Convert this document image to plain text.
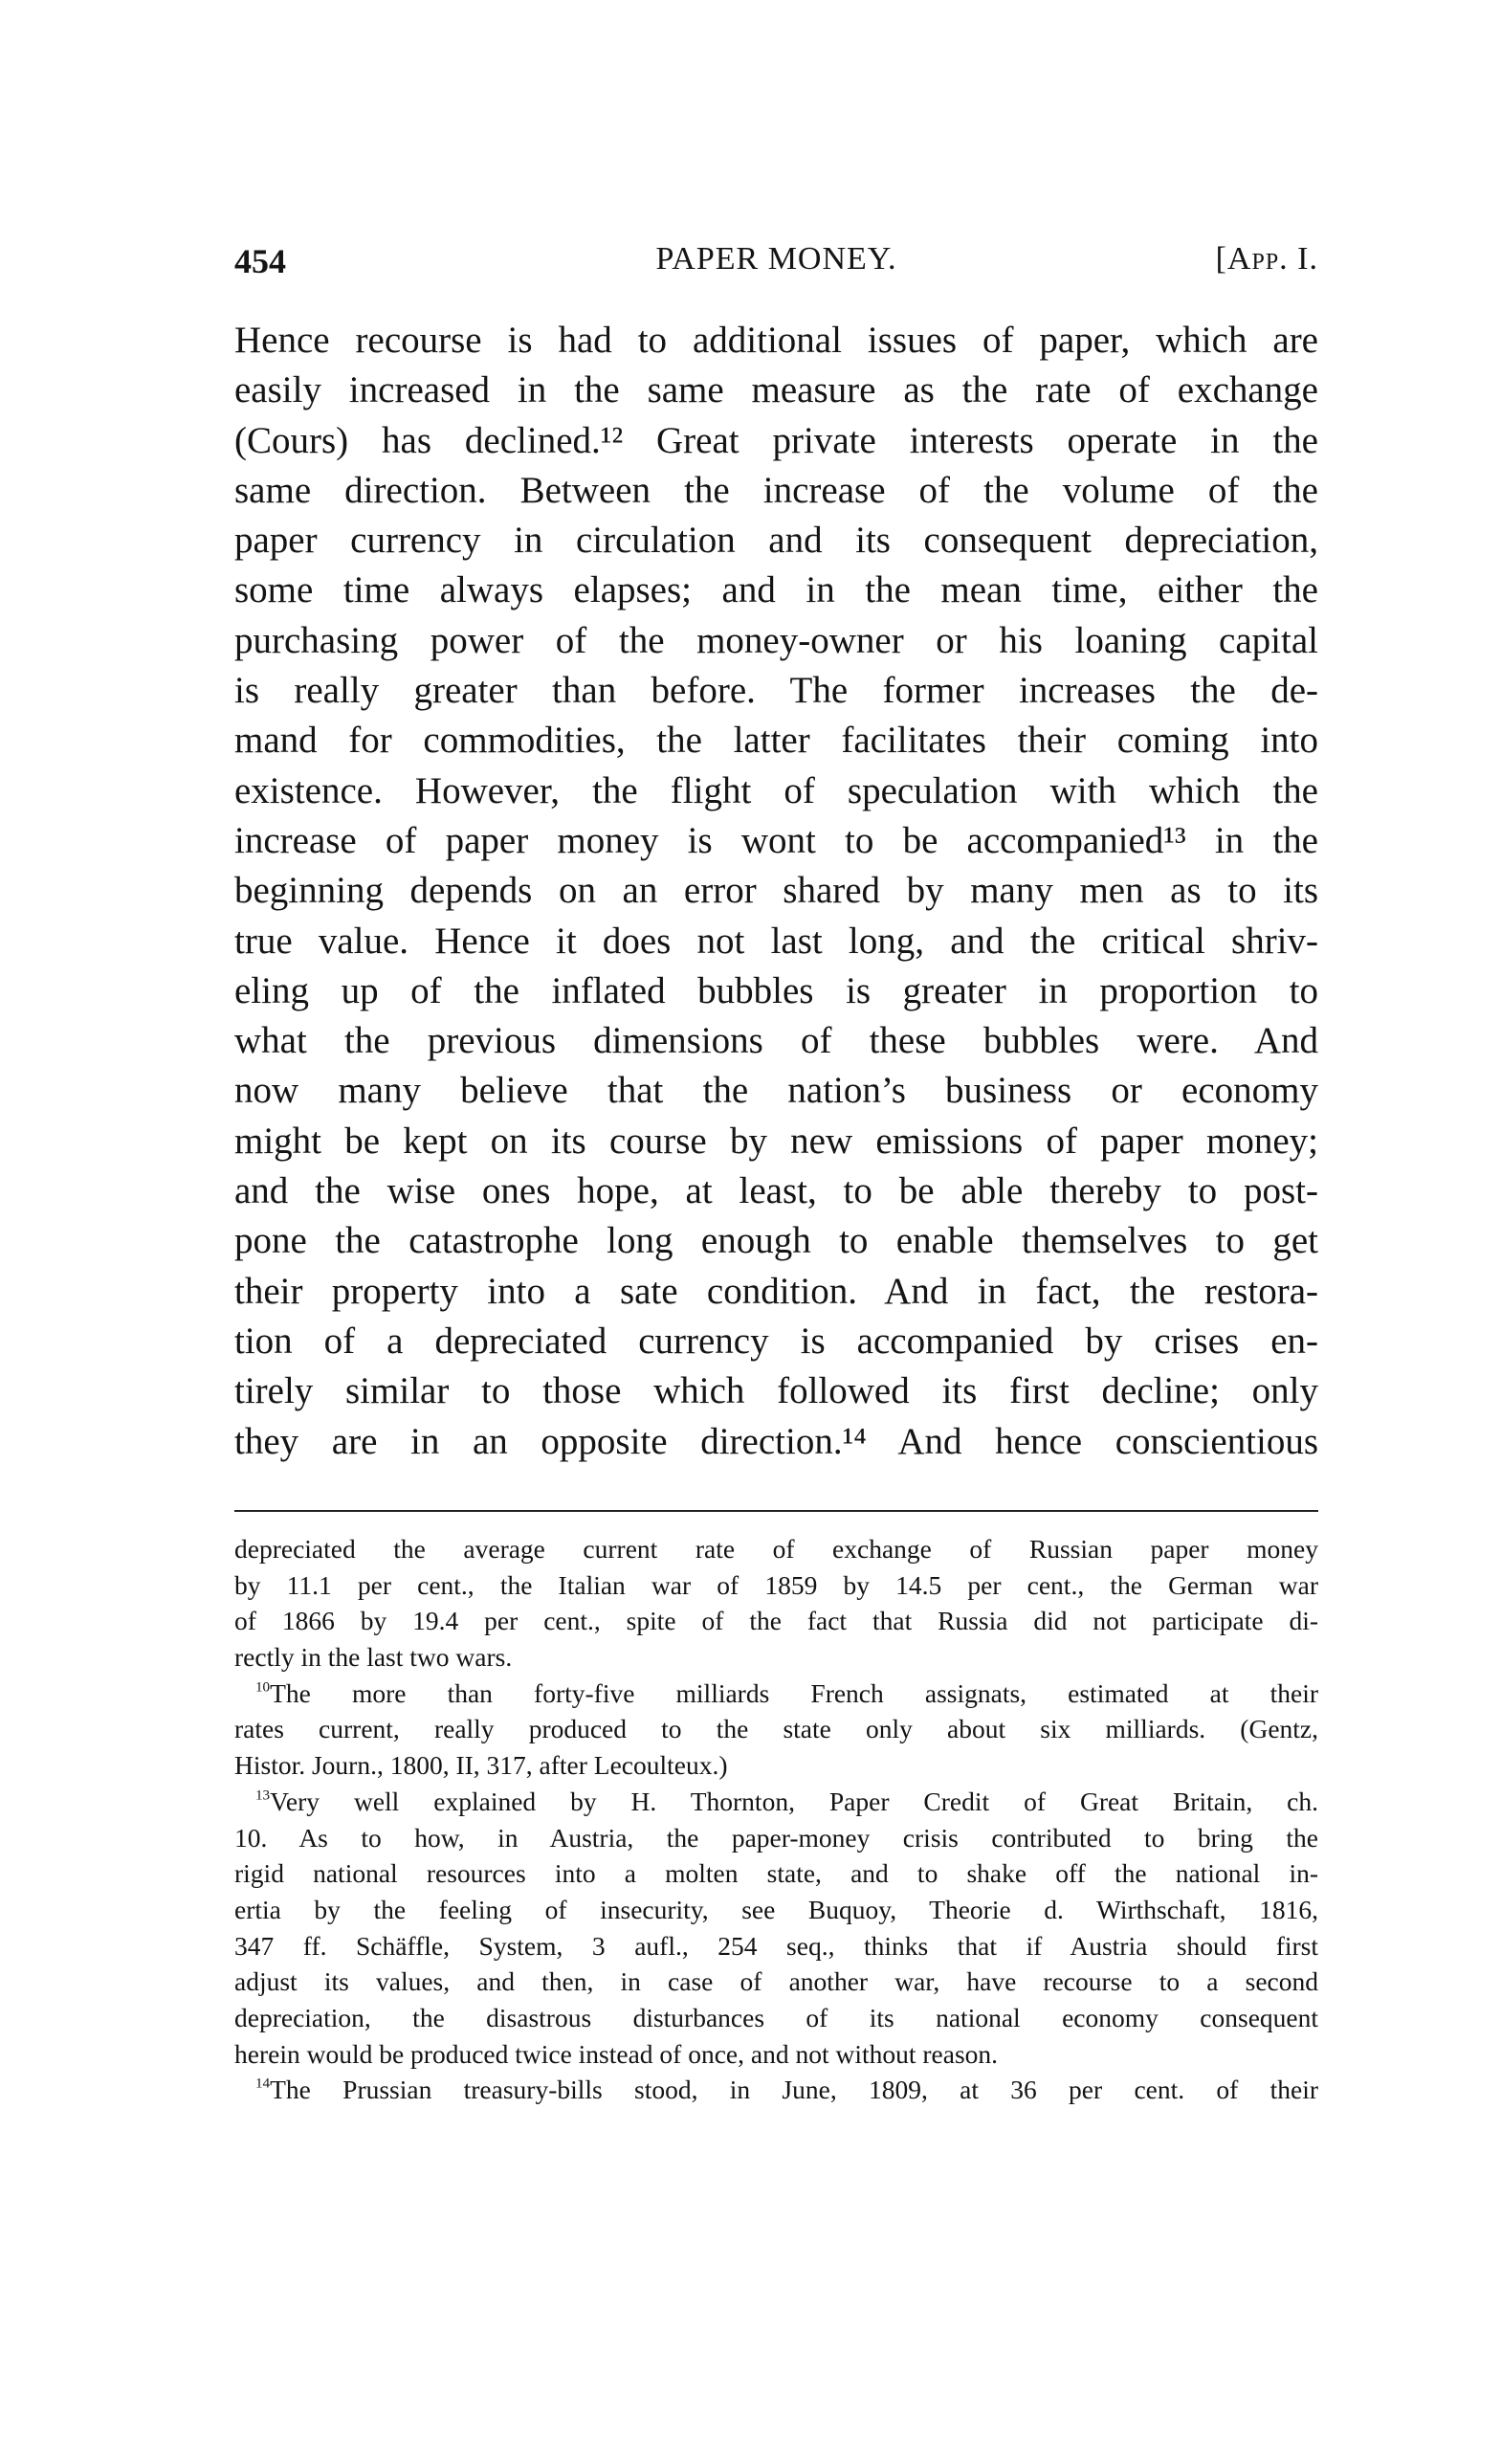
454	PAPER MONEY.	[App. I.
Hence recourse is had to additional issues of paper, which are
easily increased in the same measure as the rate of exchange
(Cours) has declined.¹² Great private interests operate in the
same direction. Between the increase of the volume of the
paper currency in circulation and its consequent depreciation,
some time always elapses; and in the mean time, either the
purchasing power of the money-owner or his loaning capital
is really greater than before. The former increases the de-
mand for commodities, the latter facilitates their coming into
existence. However, the flight of speculation with which the
increase of paper money is wont to be accompanied¹³ in the
beginning depends on an error shared by many men as to its
true value. Hence it does not last long, and the critical shriv-
eling up of the inflated bubbles is greater in proportion to
what the previous dimensions of these bubbles were. And
now many believe that the nation’s business or economy
might be kept on its course by new emissions of paper money;
and the wise ones hope, at least, to be able thereby to post-
pone the catastrophe long enough to enable themselves to get
their property into a sate condition. And in fact, the restora-
tion of a depreciated currency is accompanied by crises en-
tirely similar to those which followed its first decline; only
they are in an opposite direction.¹⁴ And hence conscientious
depreciated the average current rate of exchange of Russian paper money
by 11.1 per cent., the Italian war of 1859 by 14.5 per cent., the German war
of 1866 by 19.4 per cent., spite of the fact that Russia did not participate di-
rectly in the last two wars.
$^{10}$The more than forty-five milliards French assignats, estimated at their
rates current, really produced to the state only about six milliards. (Gentz,
Histor. Journ., 1800, II, 317, after Lecoulteux.)
$^{13}$Very well explained by H. Thornton, Paper Credit of Great Britain, ch.
10. As to how, in Austria, the paper-money crisis contributed to bring the
rigid national resources into a molten state, and to shake off the national in-
ertia by the feeling of insecurity, see Buquoy, Theorie d. Wirthschaft, 1816,
347 ff. Schäffle, System, 3 aufl., 254 seq., thinks that if Austria should first
adjust its values, and then, in case of another war, have recourse to a second
depreciation, the disastrous disturbances of its national economy consequent
herein would be produced twice instead of once, and not without reason.
$^{14}$The Prussian treasury-bills stood, in June, 1809, at 36 per cent. of their
